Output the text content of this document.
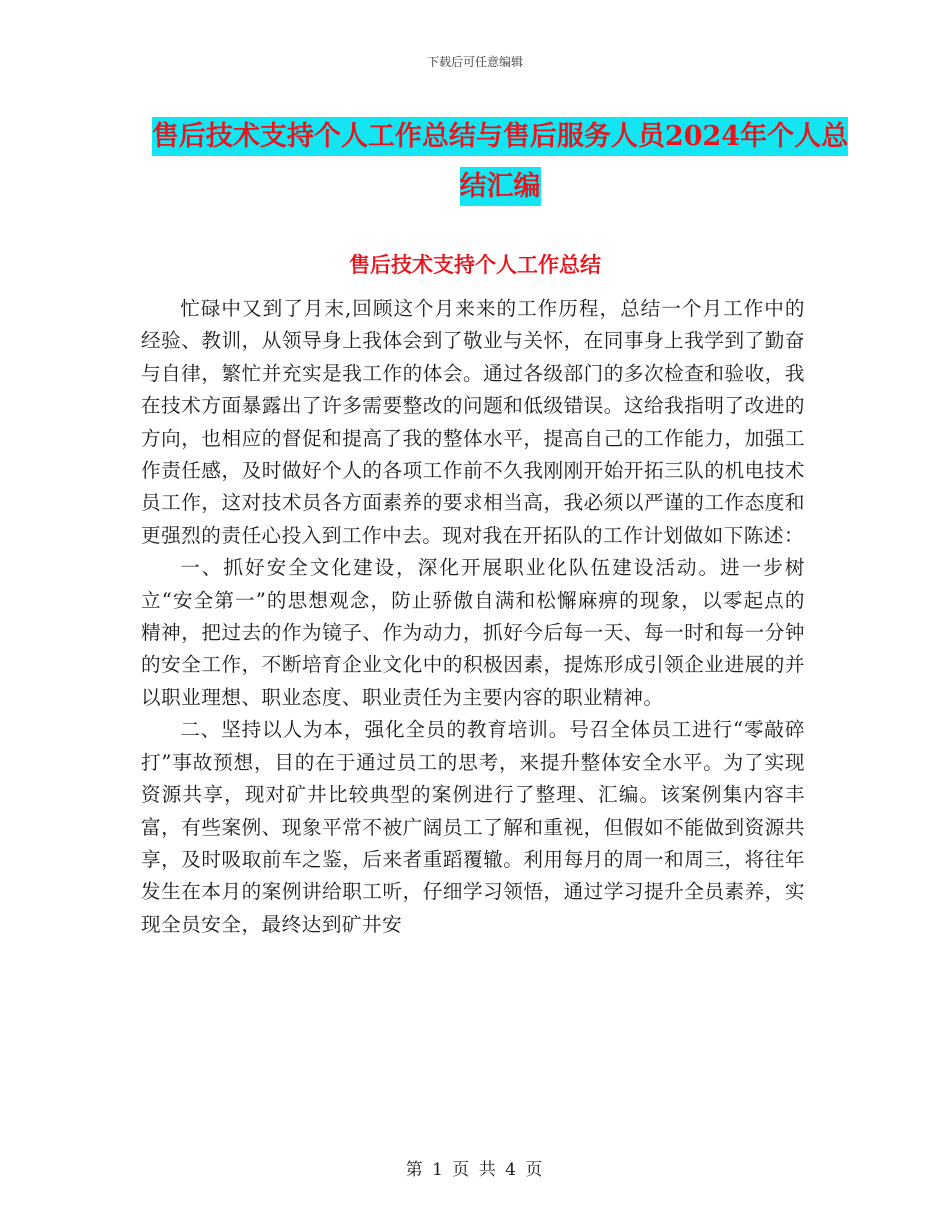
下载后可任意编辑
售后技术支持个人工作总结与售后服务人员2024年个人总结汇编
售后技术支持个人工作总结

忙碌中又到了月末,回顾这个月来来的工作历程，总结一个月工作中的经验、教训，从领导身上我体会到了敬业与关怀，在同事身上我学到了勤奋与自律，繁忙并充实是我工作的体会。通过各级部门的多次检查和验收，我在技术方面暴露出了许多需要整改的问题和低级错误。这给我指明了改进的方向，也相应的督促和提高了我的整体水平，提高自己的工作能力，加强工作责任感，及时做好个人的各项工作前不久我刚刚开始开拓三队的机电技术员工作，这对技术员各方面素养的要求相当高，我必须以严谨的工作态度和更强烈的责任心投入到工作中去。现对我在开拓队的工作计划做如下陈述：

一、抓好安全文化建设，深化开展职业化队伍建设活动。进一步树立“安全第一”的思想观念，防止骄傲自满和松懈麻痹的现象，以零起点的精神，把过去的作为镜子、作为动力，抓好今后每一天、每一时和每一分钟的安全工作，不断培育企业文化中的积极因素，提炼形成引领企业进展的并以职业理想、职业态度、职业责任为主要内容的职业精神。

二、坚持以人为本，强化全员的教育培训。号召全体员工进行“零敲碎打”事故预想，目的在于通过员工的思考，来提升整体安全水平。为了实现资源共享，现对矿井比较典型的案例进行了整理、汇编。该案例集内容丰富，有些案例、现象平常不被广阔员工了解和重视，但假如不能做到资源共享，及时吸取前车之鉴，后来者重蹈覆辙。利用每月的周一和周三，将往年发生在本月的案例讲给职工听，仔细学习领悟，通过学习提升全员素养，实现全员安全，最终达到矿井安

第 1 页 共 4 页
